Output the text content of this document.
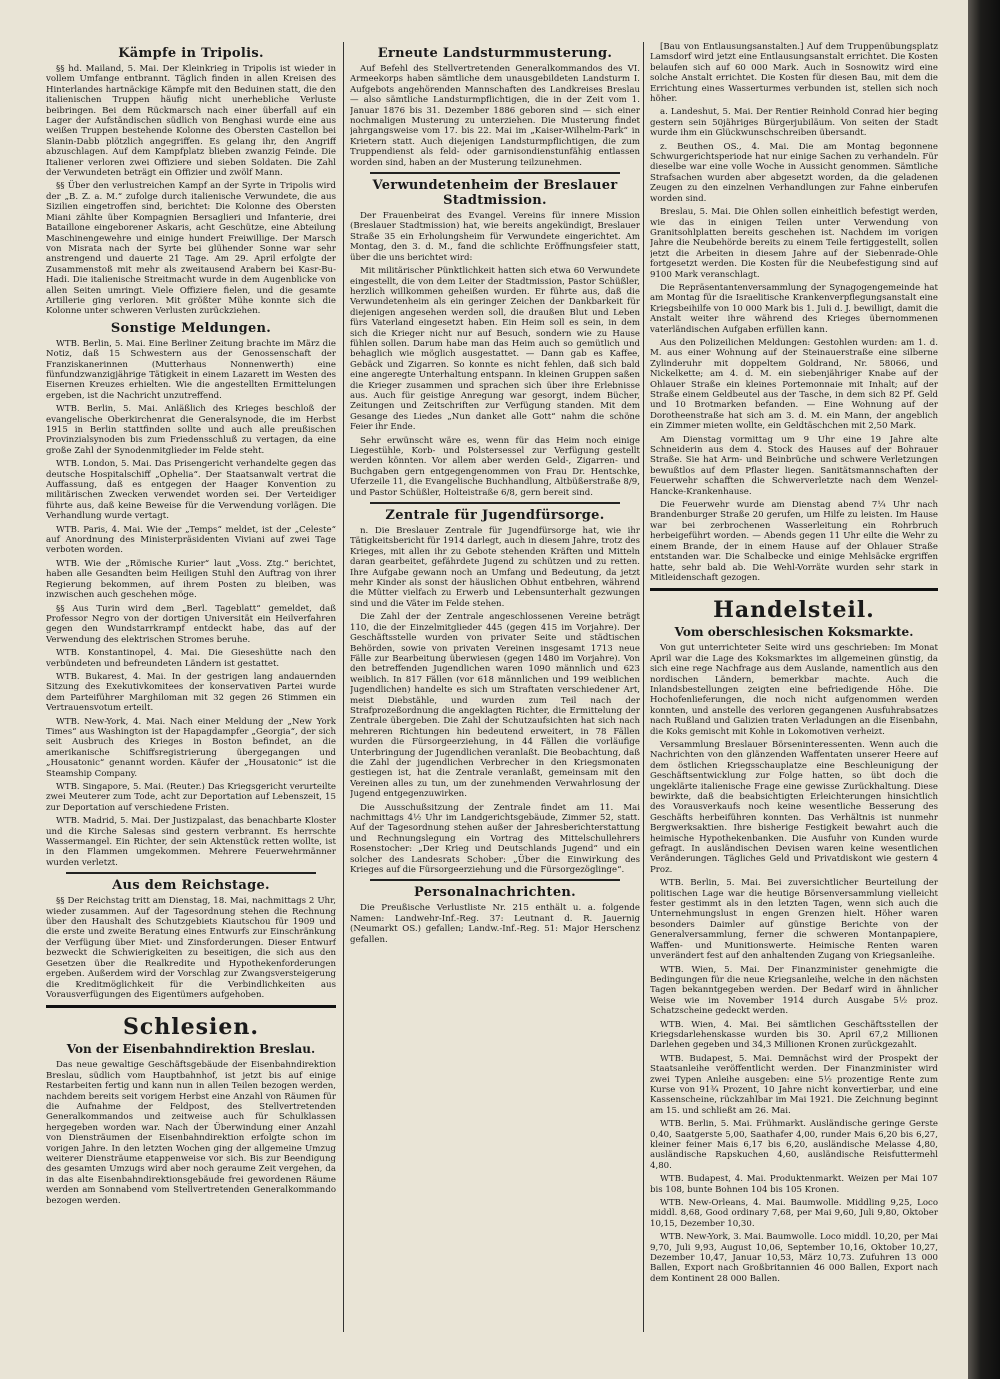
Kämpfe in Tripolis.

§§ hd. Mailand, 5. Mai. Der Kleinkrieg in Tripolis ist wieder in vollem Umfange entbrannt. Täglich finden in allen Kreisen des Hinterlandes hartnäckige Kämpfe mit den Beduinen statt, die den italienischen Truppen häufig nicht unerhebliche Verluste beibringen. Bei dem Rückmarsch nach einer überfall auf ein Lager der Aufständischen südlich von Benghasi wurde eine aus weißen Truppen bestehende Kolonne des Obersten Castellon bei Slanin-Dabb plötzlich angegriffen. Es gelang ihr, den Angriff abzuschlagen. Auf dem Kampfplatz blieben zwanzig Feinde. Die Italiener verloren zwei Offiziere und sieben Soldaten. Die Zahl der Verwundeten beträgt ein Offizier und zwölf Mann.

§§ Über den verlustreichen Kampf an der Syrte in Tripolis wird der „B. Z. a. M.“ zufolge durch italienische Verwundete, die aus Sizilien eingetroffen sind, berichtet: Die Kolonne des Obersten Miani zählte über Kompagnien Bersaglieri und Infanterie, drei Bataillone eingeborener Askaris, acht Geschütze, eine Abteilung Maschinengewehre und einige hundert Freiwillige. Der Marsch von Misrata nach der Syrte bei glühender Sonne war sehr anstrengend und dauerte 21 Tage. Am 29. April erfolgte der Zusammenstoß mit mehr als zweitausend Arabern bei Kasr-Bu-Hadi. Die italienische Streitmacht wurde in dem Augenblicke von allen Seiten umringt. Viele Offiziere fielen, und die gesamte Artillerie ging verloren. Mit größter Mühe konnte sich die Kolonne unter schweren Verlusten zurückziehen.

Sonstige Meldungen.

WTB. Berlin, 5. Mai. Eine Berliner Zeitung brachte im März die Notiz, daß 15 Schwestern aus der Genossenschaft der Franziskanerinnen (Mutterhaus Nonnenwerth) eine fünfundzwanzigjährige Tätigkeit in einem Lazarett im Westen des Eisernen Kreuzes erhielten. Wie die angestellten Ermittelungen ergeben, ist die Nachricht unzutreffend.

WTB. Berlin, 5. Mai. Anläßlich des Krieges beschloß der evangelische Oberkirchenrat die Generalsynode, die im Herbst 1915 in Berlin stattfinden sollte und auch alle preußischen Provinzialsynoden bis zum Friedensschluß zu vertagen, da eine große Zahl der Synodenmitglieder im Felde steht.

WTB. London, 5. Mai. Das Prisengericht verhandelte gegen das deutsche Hospitalschiff „Ophelia“. Der Staatsanwalt vertrat die Auffassung, daß es entgegen der Haager Konvention zu militärischen Zwecken verwendet worden sei. Der Verteidiger führte aus, daß keine Beweise für die Verwendung vorlägen. Die Verhandlung wurde vertagt.

WTB. Paris, 4. Mai. Wie der „Temps“ meldet, ist der „Celeste“ auf Anordnung des Ministerpräsidenten Viviani auf zwei Tage verboten worden.

WTB. Wie der „Römische Kurier“ laut „Voss. Ztg.“ berichtet, haben alle Gesandten beim Heiligen Stuhl den Auftrag von ihrer Regierung bekommen, auf ihrem Posten zu bleiben, was inzwischen auch geschehen möge.

§§ Aus Turin wird dem „Berl. Tageblatt“ gemeldet, daß Professor Negro von der dortigen Universität ein Heilverfahren gegen den Wundstarrkrampf entdeckt habe, das auf der Verwendung des elektrischen Stromes beruhe.

WTB. Konstantinopel, 4. Mai. Die Gieseshütte nach den verbündeten und befreundeten Ländern ist gestattet.

WTB. Bukarest, 4. Mai. In der gestrigen lang andauernden Sitzung des Exekutivkomitees der konservativen Partei wurde dem Parteiführer Marghiloman mit 32 gegen 26 Stimmen ein Vertrauensvotum erteilt.

WTB. New-York, 4. Mai. Nach einer Meldung der „New York Times“ aus Washington ist der Hapagdampfer „Georgia“, der sich seit Ausbruch des Krieges in Boston befindet, an die amerikanische Schiffsregistrierung übergegangen und „Housatonic“ genannt worden. Käufer der „Housatonic“ ist die Steamship Company.

WTB. Singapore, 5. Mai. (Reuter.) Das Kriegsgericht verurteilte zwei Meuterer zum Tode, acht zur Deportation auf Lebenszeit, 15 zur Deportation auf verschiedene Fristen.

WTB. Madrid, 5. Mai. Der Justizpalast, das benachbarte Kloster und die Kirche Salesas sind gestern verbrannt. Es herrschte Wassermangel. Ein Richter, der sein Aktenstück retten wollte, ist in den Flammen umgekommen. Mehrere Feuerwehrmänner wurden verletzt.

Aus dem Reichstage.

§§ Der Reichstag tritt am Dienstag, 18. Mai, nachmittags 2 Uhr, wieder zusammen. Auf der Tagesordnung stehen die Rechnung über den Haushalt des Schutzgebiets Kiautschou für 1909 und die erste und zweite Beratung eines Entwurfs zur Einschränkung der Verfügung über Miet- und Zinsforderungen. Dieser Entwurf bezweckt die Schwierigkeiten zu beseitigen, die sich aus den Gesetzen über die Realkredite und Hypothekenforderungen ergeben. Außerdem wird der Vorschlag zur Zwangsversteigerung die Kreditmöglichkeit für die Verbindlichkeiten aus Vorausverfügungen des Eigentümers aufgehoben.

Schlesien.
Von der Eisenbahndirektion Breslau.

Das neue gewaltige Geschäftsgebäude der Eisenbahndirektion Breslau, südlich vom Hauptbahnhof, ist jetzt bis auf einige Restarbeiten fertig und kann nun in allen Teilen bezogen werden, nachdem bereits seit vorigem Herbst eine Anzahl von Räumen für die Aufnahme der Feldpost, des Stellvertretenden Generalkommandos und zeitweise auch für Schulklassen hergegeben worden war. Nach der Überwindung einer Anzahl von Diensträumen der Eisenbahndirektion erfolgte schon im vorigen Jahre. In den letzten Wochen ging der allgemeine Umzug weiterer Diensträume etappenweise vor sich. Bis zur Beendigung des gesamten Umzugs wird aber noch geraume Zeit vergehen, da in das alte Eisenbahndirektionsgebäude frei gewordenen Räume werden am Sonnabend vom Stellvertretenden Generalkommando bezogen werden.

Erneute Landsturmmusterung.

Auf Befehl des Stellvertretenden Generalkommandos des VI. Armeekorps haben sämtliche dem unausgebildeten Landsturm I. Aufgebots angehörenden Mannschaften des Landkreises Breslau — also sämtliche Landsturmpflichtigen, die in der Zeit vom 1. Januar 1876 bis 31. Dezember 1886 geboren sind — sich einer nochmaligen Musterung zu unterziehen. Die Musterung findet jahrgangsweise vom 17. bis 22. Mai im „Kaiser-Wilhelm-Park“ in Krietern statt. Auch diejenigen Landsturmpflichtigen, die zum Truppendienst als feld- oder garnisondienstunfähig entlassen worden sind, haben an der Musterung teilzunehmen.

Verwundetenheim der Breslauer Stadtmission.

Der Frauenbeirat des Evangel. Vereins für innere Mission (Breslauer Stadtmission) hat, wie bereits angekündigt, Breslauer Straße 35 ein Erholungsheim für Verwundete eingerichtet. Am Montag, den 3. d. M., fand die schlichte Eröffnungsfeier statt, über die uns berichtet wird:

Mit militärischer Pünktlichkeit hatten sich etwa 60 Verwundete eingestellt, die von dem Leiter der Stadtmission, Pastor Schüßler, herzlich willkommen geheißen wurden. Er führte aus, daß die Verwundetenheim als ein geringer Zeichen der Dankbarkeit für diejenigen angesehen werden soll, die draußen Blut und Leben fürs Vaterland eingesetzt haben. Ein Heim soll es sein, in dem sich die Krieger nicht nur auf Besuch, sondern wie zu Hause fühlen sollen. Darum habe man das Heim auch so gemütlich und behaglich wie möglich ausgestattet. — Dann gab es Kaffee, Gebäck und Zigarren. So konnte es nicht fehlen, daß sich bald eine angeregte Unterhaltung entspann. In kleinen Gruppen saßen die Krieger zusammen und sprachen sich über ihre Erlebnisse aus. Auch für geistige Anregung war gesorgt, indem Bücher, Zeitungen und Zeitschriften zur Verfügung standen. Mit dem Gesange des Liedes „Nun danket alle Gott“ nahm die schöne Feier ihr Ende.

Sehr erwünscht wäre es, wenn für das Heim noch einige Liegestühle, Korb- und Polstersessel zur Verfügung gestellt werden könnten. Vor allem aber werden Geld-, Zigarren- und Buchgaben gern entgegengenommen von Frau Dr. Hentschke, Uferzeile 11, die Evangelische Buchhandlung, Altbüßerstraße 8/9, und Pastor Schüßler, Holteistraße 6/8, gern bereit sind.

Zentrale für Jugendfürsorge.

n. Die Breslauer Zentrale für Jugendfürsorge hat, wie ihr Tätigkeitsbericht für 1914 darlegt, auch in diesem Jahre, trotz des Krieges, mit allen ihr zu Gebote stehenden Kräften und Mitteln daran gearbeitet, gefährdete Jugend zu schützen und zu retten. Ihre Aufgabe gewann noch an Umfang und Bedeutung, da jetzt mehr Kinder als sonst der häuslichen Obhut entbehren, während die Mütter vielfach zu Erwerb und Lebensunterhalt gezwungen sind und die Väter im Felde stehen.

Die Zahl der der Zentrale angeschlossenen Vereine beträgt 110, die der Einzelmitglieder 445 (gegen 415 im Vorjahre). Der Geschäftsstelle wurden von privater Seite und städtischen Behörden, sowie von privaten Vereinen insgesamt 1713 neue Fälle zur Bearbeitung überwiesen (gegen 1480 im Vorjahre). Von den betreffenden Jugendlichen waren 1090 männlich und 623 weiblich. In 817 Fällen (vor 618 männlichen und 199 weiblichen Jugendlichen) handelte es sich um Straftaten verschiedener Art, meist Diebstähle, und wurden zum Teil nach der Strafprozeßordnung die angeklagten Richter, die Ermittelung der Zentrale übergeben. Die Zahl der Schutzaufsichten hat sich nach mehreren Richtungen hin bedeutend erweitert, in 78 Fällen wurden die Fürsorgeerziehung, in 44 Fällen die vorläufige Unterbringung der Jugendlichen veranlaßt. Die Beobachtung, daß die Zahl der jugendlichen Verbrecher in den Kriegsmonaten gestiegen ist, hat die Zentrale veranlaßt, gemeinsam mit den Vereinen alles zu tun, um der zunehmenden Verwahrlosung der Jugend entgegenzuwirken.

Die Ausschußsitzung der Zentrale findet am 11. Mai nachmittags 4½ Uhr im Landgerichtsgebäude, Zimmer 52, statt. Auf der Tagesordnung stehen außer der Jahresberichterstattung und Rechnungslegung ein Vortrag des Mittelschullehrers Rosenstocher: „Der Krieg und Deutschlands Jugend“ und ein solcher des Landesrats Schober: „Über die Einwirkung des Krieges auf die Fürsorgeerziehung und die Fürsorgezöglinge“.

Personalnachrichten.

Die Preußische Verlustliste Nr. 215 enthält u. a. folgende Namen: Landwehr-Inf.-Reg. 37: Leutnant d. R. Jauernig (Neumarkt OS.) gefallen; Landw.-Inf.-Reg. 51: Major Herschenz gefallen.

[Bau von Entlausungsanstalten.] Auf dem Truppenübungsplatz Lamsdorf wird jetzt eine Entlausungsanstalt errichtet. Die Kosten belaufen sich auf 60 000 Mark. Auch in Sosnowitz wird eine solche Anstalt errichtet. Die Kosten für diesen Bau, mit dem die Errichtung eines Wasserturmes verbunden ist, stellen sich noch höher.

a. Landeshut, 5. Mai. Der Rentier Reinhold Conrad hier beging gestern sein 50jähriges Bürgerjubiläum. Von seiten der Stadt wurde ihm ein Glückwunschschreiben übersandt.

z. Beuthen OS., 4. Mai. Die am Montag begonnene Schwurgerichtsperiode hat nur einige Sachen zu verhandeln. Für dieselbe war eine volle Woche in Aussicht genommen. Sämtliche Strafsachen wurden aber abgesetzt worden, da die geladenen Zeugen zu den einzelnen Verhandlungen zur Fahne einberufen worden sind.

Breslau, 5. Mai. Die Ohlen sollen einheitlich befestigt werden, wie das in einigen Teilen unter Verwendung von Granitsohlplatten bereits geschehen ist. Nachdem im vorigen Jahre die Neubehörde bereits zu einem Teile fertiggestellt, sollen jetzt die Arbeiten in diesem Jahre auf der Siebenrade-Ohle fortgesetzt werden. Die Kosten für die Neubefestigung sind auf 9100 Mark veranschlagt.

Die Repräsentantenversammlung der Synagogengemeinde hat am Montag für die Israelitische Krankenverpflegungsanstalt eine Kriegsbeihilfe von 10 000 Mark bis 1. Juli d. J. bewilligt, damit die Anstalt weiter ihre während des Krieges übernommenen vaterländischen Aufgaben erfüllen kann.

Aus den Polizeilichen Meldungen: Gestohlen wurden: am 1. d. M. aus einer Wohnung auf der Steinauerstraße eine silberne Zylinderuhr mit doppeltem Goldrand, Nr. 58066, und Nickelkette; am 4. d. M. ein siebenjähriger Knabe auf der Ohlauer Straße ein kleines Portemonnaie mit Inhalt; auf der Straße einem Geldbeutel aus der Tasche, in dem sich 82 Pf. Geld und 10 Brotmarken befanden. — Eine Wohnung auf der Dorotheenstraße hat sich am 3. d. M. ein Mann, der angeblich ein Zimmer mieten wollte, ein Geldtäschchen mit 2,50 Mark.

Am Dienstag vormittag um 9 Uhr eine 19 Jahre alte Schneiderin aus dem 4. Stock des Hauses auf der Bohrauer Straße. Sie hat Arm- und Beinbrüche und schwere Verletzungen bewußtlos auf dem Pflaster liegen. Sanitätsmannschaften der Feuerwehr schafften die Schwerverletzte nach dem Wenzel-Hancke-Krankenhause.

Die Feuerwehr wurde am Dienstag abend 7¼ Uhr nach Brandenburger Straße 20 gerufen, um Hilfe zu leisten. Im Hause war bei zerbrochenen Wasserleitung ein Rohrbruch herbeigeführt worden. — Abends gegen 11 Uhr eilte die Wehr zu einem Brande, der in einem Hause auf der Ohlauer Straße entstanden war. Die Schalbecke und einige Mehlsäcke ergriffen hatte, sehr bald ab. Die Wehl-Vorräte wurden sehr stark in Mitleidenschaft gezogen.

Handelsteil.
Vom oberschlesischen Koksmarkte.

Von gut unterrichteter Seite wird uns geschrieben: Im Monat April war die Lage des Koksmarktes im allgemeinen günstig, da sich eine rege Nachfrage aus dem Auslande, namentlich aus den nordischen Ländern, bemerkbar machte. Auch die Inlandsbestellungen zeigten eine befriedigende Höhe. Die Hochofenlieferungen, die noch nicht aufgenommen werden konnten, und anstelle des verloren gegangenen Ausfuhrabsatzes nach Rußland und Galizien traten Verladungen an die Eisenbahn, die Koks gemischt mit Kohle in Lokomotiven verheizt.

Versammlung Breslauer Börseninteressenten. Wenn auch die Nachrichten von den glänzenden Waffentaten unserer Heere auf dem östlichen Kriegsschauplatze eine Beschleunigung der Geschäftsentwicklung zur Folge hatten, so übt doch die ungeklärte italienische Frage eine gewisse Zurückhaltung. Diese bewirkte, daß die beabsichtigten Erleichterungen hinsichtlich des Vorausverkaufs noch keine wesentliche Besserung des Geschäfts herbeiführen konnten. Das Verhältnis ist nunmehr Bergwerksaktien. Ihre bisherige Festigkeit bewahrt auch die heimische Hypothekenbanken. Die Ausfuhr von Kunden wurde gefragt. In ausländischen Devisen waren keine wesentlichen Veränderungen. Tägliches Geld und Privatdiskont wie gestern 4 Proz.

WTB. Berlin, 5. Mai. Bei zuversichtlicher Beurteilung der politischen Lage war die heutige Börsenversammlung vielleicht fester gestimmt als in den letzten Tagen, wenn sich auch die Unternehmungslust in engen Grenzen hielt. Höher waren besonders Daimler auf günstige Berichte von der Generalversammlung, ferner die schweren Montanpapiere, Waffen- und Munitionswerte. Heimische Renten waren unverändert fest auf den anhaltenden Zugang von Kriegsanleihe.

WTB. Wien, 5. Mai. Der Finanzminister genehmigte die Bedingungen für die neue Kriegsanleihe, welche in den nächsten Tagen bekanntgegeben werden. Der Bedarf wird in ähnlicher Weise wie im November 1914 durch Ausgabe 5½ proz. Schatzscheine gedeckt werden.

WTB. Wien, 4. Mai. Bei sämtlichen Geschäftsstellen der Kriegsdarlehenskasse wurden bis 30. April 67,2 Millionen Darlehen gegeben und 34,3 Millionen Kronen zurückgezahlt.

WTB. Budapest, 5. Mai. Demnächst wird der Prospekt der Staatsanleihe veröffentlicht werden. Der Finanzminister wird zwei Typen Anleihe ausgeben: eine 5½ prozentige Rente zum Kurse von 91¾ Prozent, 10 Jahre nicht konvertierbar, und eine Kassenscheine, rückzahlbar im Mai 1921. Die Zeichnung beginnt am 15. und schließt am 26. Mai.

WTB. Berlin, 5. Mai. Frühmarkt. Ausländische geringe Gerste 0,40, Saatgerste 5,00, Saathafer 4,00, runder Mais 6,20 bis 6,27, kleiner feiner Mais 6,17 bis 6,20, ausländische Melasse 4,80, ausländische Rapskuchen 4,60, ausländische Reisfuttermehl 4,80.

WTB. Budapest, 4. Mai. Produktenmarkt. Weizen per Mai 107 bis 108, bunte Bohnen 104 bis 105 Kronen.

WTB. New-Orleans, 4. Mai. Baumwolle. Middling 9,25, Loco middl. 8,68, Good ordinary 7,68, per Mai 9,60, Juli 9,80, Oktober 10,15, Dezember 10,30.

WTB. New-York, 3. Mai. Baumwolle. Loco middl. 10,20, per Mai 9,70, Juli 9,93, August 10,06, September 10,16, Oktober 10,27, Dezember 10,47, Januar 10,53, März 10,73. Zufuhren 13 000 Ballen, Export nach Großbritannien 46 000 Ballen, Export nach dem Kontinent 28 000 Ballen.
